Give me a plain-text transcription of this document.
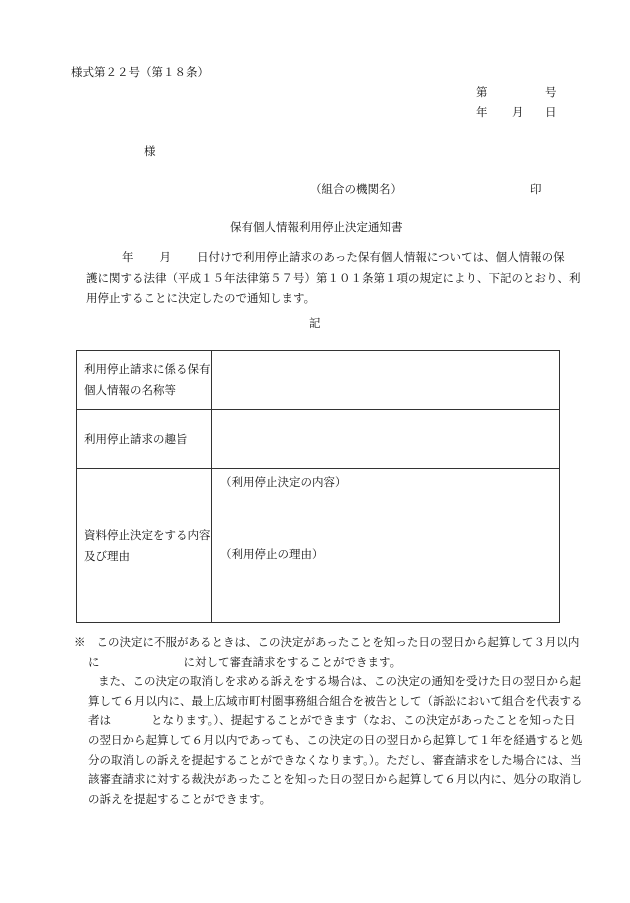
様式第２２号（第１８条）
第	号
年 月 日
様
（組合の機関名）	印
保有個人情報利用停止決定通知書
年 月 日付けで利用停止請求のあった保有個人情報については、個人情報の保
護に関する法律（平成１５年法律第５７号）第１０１条第１項の規定により、下記のとおり、利
用停止することに決定したので通知します。
記
利用停止請求に係る保有個人情報の名称等	
利用停止請求の趣旨	
資料停止決定をする内容及び理由	（利用停止決定の内容）
（利用停止の理由）
※ この決定に不服があるときは、この決定があったことを知った日の翌日から起算して３月以内
に	に対して審査請求をすることができます。
また、この決定の取消しを求める訴えをする場合は、この決定の通知を受けた日の翌日から起
算して６月以内に、最上広域市町村圏事務組合組合を被告として（訴訟において組合を代表する
者は	となります。）、提起することができます（なお、この決定があったことを知った日
の翌日から起算して６月以内であっても、この決定の日の翌日から起算して１年を経過すると処
分の取消しの訴えを提起することができなくなります。）。ただし、審査請求をした場合には、当
該審査請求に対する裁決があったことを知った日の翌日から起算して６月以内に、処分の取消し
の訴えを提起することができます。
